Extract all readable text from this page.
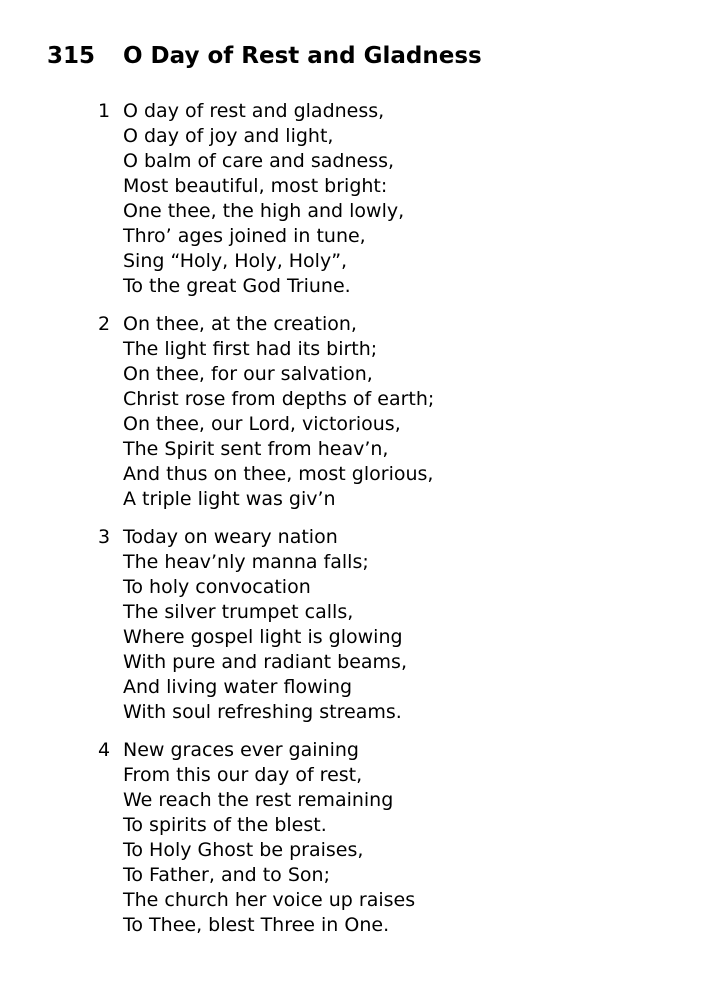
315 O Day of Rest and Gladness
1 O day of rest and gladness,
O day of joy and light,
O balm of care and sadness,
Most beautiful, most bright:
One thee, the high and lowly,
Thro’ ages joined in tune,
Sing “Holy, Holy, Holy”,
To the great God Triune.
2 On thee, at the creation,
The light first had its birth;
On thee, for our salvation,
Christ rose from depths of earth;
On thee, our Lord, victorious,
The Spirit sent from heav’n,
And thus on thee, most glorious,
A triple light was giv’n
3 Today on weary nation
The heav’nly manna falls;
To holy convocation
The silver trumpet calls,
Where gospel light is glowing
With pure and radiant beams,
And living water flowing
With soul refreshing streams.
4 New graces ever gaining
From this our day of rest,
We reach the rest remaining
To spirits of the blest.
To Holy Ghost be praises,
To Father, and to Son;
The church her voice up raises
To Thee, blest Three in One.
